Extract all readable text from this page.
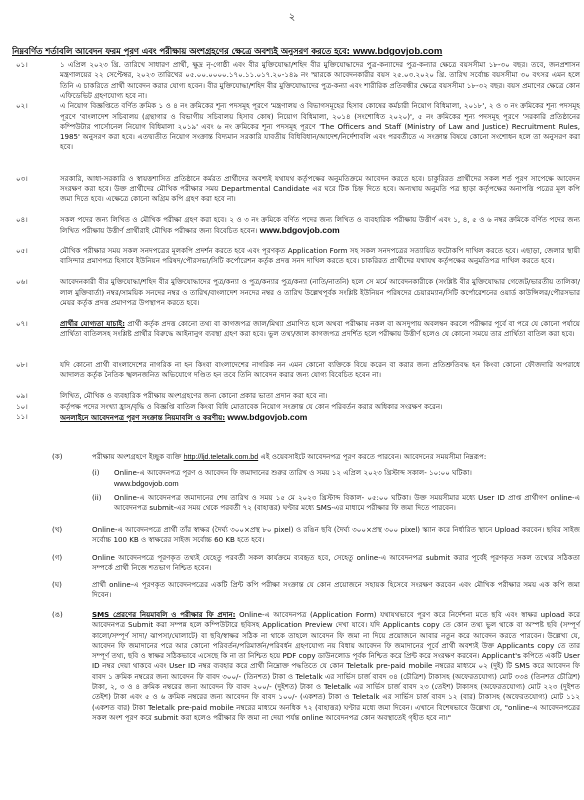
২
নিম্নবর্ণিত শর্তাবলি আবেদন ফরম পূরণ এবং পরীক্ষায় অংশগ্রহণের ক্ষেত্রে অবশ্যই অনুসরণ করতে হবে: www.bdgovjob.com
০১।	১ এপ্রিল ২০২৩ খ্রি. তারিখে সাধারণ প্রার্থী, ক্ষুদ্র নৃ-গোষ্ঠী এবং বীর মুক্তিযোদ্ধা/শহিদ বীর মুক্তিযোদ্ধাদের পুত্র-কন্যাদের পুত্র-কন্যার ক্ষেত্রে বয়সসীমা ১৮-৩০ বছর। তবে, জনপ্রশাসন মন্ত্রণালয়ের ২২ সেপ্টেম্বর, ২০২৩ তারিখের ০৫.০০.০০০০.১৭০.১১.০১৭.২০-১৪৯ নং স্মারকে আবেদনকারীর বয়স ২৫.০৩.২০২০ খ্রি. তারিখ সর্বোচ্চ বয়সসীমা ৩০ বৎসর এমন হলে তিনি এ চাকরিতে প্রার্থী আবেদন করার যোগ্য হবেন। বীর মুক্তিযোদ্ধা/শহিদ বীর মুক্তিযোদ্ধাদের পুত্র-কন্যা এবং শারীরিক প্রতিবন্ধীর ক্ষেত্রে বয়সসীমা ১৮-৩২ বছর। বয়স প্রমাণের ক্ষেত্রে কোন এফিডেভিট গ্রহণযোগ্য হবে না।
০২।	এ নিয়োগ বিজ্ঞপ্তিতে বর্ণিত ক্রমিক ১ ও ৪ নং ক্রমিকের শূন্য পদসমূহ পূরণে 'মন্ত্রণালয় ও বিভাগসমূহের হিসাব কোষের কর্মচারী নিয়োগ বিধিমালা, ২০১৮', ২ ও ৩ নং ক্রমিকের শূন্য পদসমূহ পূরণে 'বাংলাদেশ সচিবালয় (গ্রন্থাগার ও বিভাগীয় সচিবালয় হিসাব কোষ) নিয়োগ বিধিমালা, ২০১৪ (সংশোধিত ২০২০)', ৫ নং ক্রমিকের শূন্য পদসমূহ পূরণে 'সরকারি প্রতিষ্ঠানের কম্পিউটার পার্সোনেল নিয়োগ বিধিমালা ২০১৯' এবং ৬ নং ক্রমিকের শূন্য পদসমূহ পূরণে 'The Officers and Staff (Ministry of Law and Justice) Recruitment Rules, 1985' অনুসরণ করা হবে। এতদ্ব্যতীত নিয়োগ সংক্রান্ত বিদ্যমান সরকারি যাবতীয় বিধিবিধান/আদেশ/নির্দেশাবলি এবং পরবর্তীতে এ সংক্রান্ত বিষয়ে কোনো সংশোধন হলে তা অনুসরণ করা হবে।
০৩।	সরকারি, আধা-সরকারি ও স্বায়ত্তশাসিত প্রতিষ্ঠানে কর্মরত প্রার্থীদের অবশ্যই যথাযথ কর্তৃপক্ষের অনুমতিক্রমে আবেদন করতে হবে। চাকুরিরত প্রার্থীদের সকল শর্ত পূরণ সাপেক্ষে আবেদন সংরক্ষণ করা হবে। উক্ত প্রার্থীদের মৌখিক পরীক্ষার সময় Departmental Candidate এর ঘরে টিক চিহ্ন দিতে হবে। অন্যথায় অনুমতি পত্র ছাড়া কর্তৃপক্ষের অনাপত্তি পত্রের মূল কপি জমা দিতে হবে। এক্ষেত্রে কোনো অগ্রিম কপি গ্রহণ করা হবে না।
০৪।	সকল পদের জন্য লিখিত ও মৌখিক পরীক্ষা গ্রহণ করা হবে। ২ ও ৩ নং ক্রমিকে বর্ণিত পদের জন্য লিখিত ও ব্যবহারিক পরীক্ষায় উত্তীর্ণ এবং ১, ৪, ৫ ও ৬ নম্বর ক্রমিকে বর্ণিত পদের জন্য লিখিত পরীক্ষায় উত্তীর্ণ প্রার্থীরাই মৌখিক পরীক্ষার জন্য বিবেচিত হবেন। www.bdgovjob.com
০৫।	মৌখিক পরীক্ষার সময় সকল সনদপত্রের মূলকপি প্রদর্শন করতে হবে এবং পূরণকৃত Application Form সহ সকল সনদপত্রের সত্যায়িত ফটোকপি দাখিল করতে হবে। এছাড়া, জেলার স্থায়ী বাসিন্দার প্রমাণপত্র হিসাবে ইউনিয়ন পরিষদ/পৌরসভা/সিটি কর্পোরেশন কর্তৃক প্রদত্ত সনদ দাখিল করতে হবে। চাকরিরত প্রার্থীদের যথাযথ কর্তৃপক্ষের অনুমতিপত্র দাখিল করতে হবে।
০৬।	আবেদনকারী বীর মুক্তিযোদ্ধা/শহিদ বীর মুক্তিযোদ্ধাদের পুত্র/কন্যা ও পুত্র/কন্যার পুত্র/কন্যা (নাতি/নাতনি) হলে সে মর্মে আবেদনকারীকে (সংশ্লিষ্ট বীর মুক্তিযোদ্ধার গেজেট/ভারতীয় তালিকা/লাল মুক্তিবার্তা) নম্বর/সাময়িক সনদের নম্বর ও তারিখ/বাংলাদেশ সনদের নম্বর ও তারিখ উল্লেখপূর্বক সংশ্লিষ্ট ইউনিয়ন পরিষদের চেয়ারম্যান/সিটি কর্পোরেশনের ওয়ার্ড কাউন্সিলর/পৌরসভার মেয়র কর্তৃক প্রদত্ত প্রমাণপত্র উপস্থাপন করতে হবে।
০৭।	প্রার্থীর যোগ্যতা যাচাই: প্রার্থী কর্তৃক প্রদত্ত কোনো তথ্য বা কাগজপত্র জাল/মিথ্যা প্রমাণিত হলে অথবা পরীক্ষায় নকল বা অসদুপায় অবলম্বন করলে পরীক্ষার পূর্বে বা পরে যে কোনো পর্যায়ে প্রার্থিতা বাতিলসহ সংশ্লিষ্ট প্রার্থীর বিরুদ্ধে আইনানুগ ব্যবস্থা গ্রহণ করা হবে। ভুল তথ্য/জাল কাগজপত্র প্রদর্শিত হলে পরীক্ষায় উত্তীর্ণ হলেও যে কোনো সময়ে তার প্রার্থিতা বাতিল করা হবে।
০৮।	যদি কোনো প্রার্থী বাংলাদেশের নাগরিক না হন কিংবা বাংলাদেশের নাগরিক নন এমন কোনো ব্যক্তিকে বিয়ে করেন বা করার জন্য প্রতিশ্রুতিবদ্ধ হন কিংবা কোনো ফৌজদারি অপরাধে আদালত কর্তৃক নৈতিক স্খলনজনিত অভিযোগে দণ্ডিত হন তবে তিনি আবেদন করার জন্য যোগ্য বিবেচিত হবেন না।
০৯।	লিখিত, মৌখিক ও ব্যবহারিক পরীক্ষায় অংশগ্রহণের জন্য কোনো প্রকার ভাতা প্রদান করা হবে না।
১০।	কর্তৃপক্ষ পদের সংখ্যা হ্রাস/বৃদ্ধি ও বিজ্ঞপ্তি বাতিল কিংবা বিধি মোতাবেক নিয়োগ সংক্রান্ত যে কোন পরিবর্তন করার অধিকার সংরক্ষণ করেন।
১১।	অনলাইনে আবেদনপত্র পূরণ সংক্রান্ত নিয়মাবলি ও করণীয়: www.bdgovjob.com
(ক)	পরীক্ষায় অংশগ্রহণে ইচ্ছুক ব্যক্তি http://ljd.teletalk.com.bd এই ওয়েবসাইটে আবেদনপত্র পূরণ করতে পারবেন। আবেদনের সময়সীমা নিম্নরূপ:
(i) Online-এ আবেদনপত্র পূরণ ও আবেদন ফি জমাদানের শুরুর তারিখ ও সময় ১২ এপ্রিল ২০২৩ খ্রিস্টাব্দ সকাল- ১০:০০ ঘটিকা।
www.bdgovjob.com
(ii) Online-এ আবেদনপত্র জমাদানের শেষ তারিখ ও সময় ১৫ মে ২০২৩ খ্রিস্টাব্দ বিকাল- ০৫:০০ ঘটিকা। উক্ত সময়সীমার মধ্যে User ID প্রাপ্ত প্রার্থীগণ online-এ আবেদনপত্র submit-এর সময় থেকে পরবর্তী ৭২ (বাহাত্তর) ঘণ্টার মধ্যে SMS-এর মাধ্যমে পরীক্ষার ফি জমা দিতে পারবেন।
(খ)	Online-এ আবেদনপত্রে প্রার্থী তাঁর স্বাক্ষর (দৈর্ঘ্য ৩০০×প্রস্থ ৮০ pixel) ও রঙিন ছবি (দৈর্ঘ্য ৩০০×প্রস্থ ৩০০ pixel) স্ক্যান করে নির্ধারিত স্থানে Upload করবেন। ছবির সাইজ সর্বোচ্চ 100 KB ও স্বাক্ষরের সাইজ সর্বোচ্চ 60 KB হতে হবে।
(গ)	Online আবেদনপত্রে পূরণকৃত তথ্যই যেহেতু পরবর্তী সকল কার্যক্রমে ব্যবহৃত হবে, সেহেতু online-এ আবেদনপত্র submit করার পূর্বেই পূরণকৃত সকল তথ্যের সঠিকতা সম্পর্কে প্রার্থী নিজে শতভাগ নিশ্চিত হবেন।
(ঘ)	প্রার্থী online-এ পূরণকৃত আবেদনপত্রের একটি প্রিন্ট কপি পরীক্ষা সংক্রান্ত যে কোন প্রয়োজনে সহায়ক হিসেবে সংরক্ষণ করবেন এবং মৌখিক পরীক্ষার সময় এক কপি জমা দিবেন।
(ঙ)	SMS প্রেরণের নিয়মাবলি ও পরীক্ষার ফি প্রদান: Online-এ আবেদনপত্র (Application Form) যথাযথভাবে পূরণ করে নির্দেশনা মতে ছবি এবং স্বাক্ষর upload করে আবেদনপত্র Submit করা সম্পন্ন হলে কম্পিউটারে ছবিসহ Application Preview দেখা যাবে। যদি Applicants copy তে কোন তথ্য ভুল থাকে বা অস্পষ্ট ছবি (সম্পূর্ণ কালো/সম্পূর্ণ সাদা/ ঝাপসা/ঘোলাটে) বা ছবি/স্বাক্ষর সঠিক না থাকে তাহলে আবেদন ফি জমা না দিয়ে প্রয়োজনে আবার নতুন করে আবেদন করতে পারবেন। উল্লেখ্য যে, আবেদন ফি জমাদানের পরে আর কোনো পরিবর্তন/পরিমার্জন/পরিবর্ধন গ্রহণযোগ্য নয় বিধায় আবেদন ফি জমাদানের পূর্বে প্রার্থী অবশ্যই উক্ত Applicants copy তে তার সম্পূর্ণ তথ্য, ছবি ও স্বাক্ষর সঠিকভাবে এসেছে কি না তা নিশ্চিত হয়ে PDF copy ডাউনলোড পূর্বক নিশ্চিত করে প্রিন্ট করে সংরক্ষণ করবেন। Applicant's কপিতে একটি User ID নম্বর দেয়া থাকবে এবং User ID নম্বর ব্যবহার করে প্রার্থী নিম্নোক্ত পদ্ধতিতে যে কোন Teletalk pre-paid mobile নম্বরের মাধ্যমে ০২ (দুই) টি SMS করে আবেদন ফি বাবদ ১ ক্রমিক নম্বরের জন্য আবেদন ফি বাবদ ৩০০/- (তিনশত) টাকা ও Teletalk এর সার্ভিস চার্জ বাবদ ৩৪ (চৌত্রিশ) টাকাসহ (অফেরতযোগ্য) মোট ৩৩৪ (তিনশত চৌত্রিশ) টাকা, ২, ৩ ও ৪ ক্রমিক নম্বরের জন্য আবেদন ফি বাবদ ২০০/- (দুইশত) টাকা ও Teletalk এর সার্ভিস চার্জ বাবদ ২৩ (তেইশ) টাকাসহ (অফেরতযোগ্য) মোট ২২৩ (দুইশত তেইশ) টাকা এবং ৫ ও ৬ ক্রমিক নম্বরের জন্য আবেদন ফি বাবদ ১০০/- (একশত) টাকা ও Teletalk এর সার্ভিস চার্জ বাবদ ১২ (বার) টাকাসহ (অফেরতযোগ্য) মোট ১১২ (একশত বার) টাকা Teletalk pre-paid mobile নম্বরের মাধ্যমে অনধিক ৭২ (বাহাত্তর) ঘণ্টার মধ্যে জমা দিবেন। এখানে বিশেষভাবে উল্লেখ্য যে, "online-এ আবেদনপত্রের সকল অংশ পূরণ করে submit করা হলেও পরীক্ষার ফি জমা না দেয়া পর্যন্ত online আবেদনপত্র কোন অবস্থাতেই গৃহীত হবে না।"
